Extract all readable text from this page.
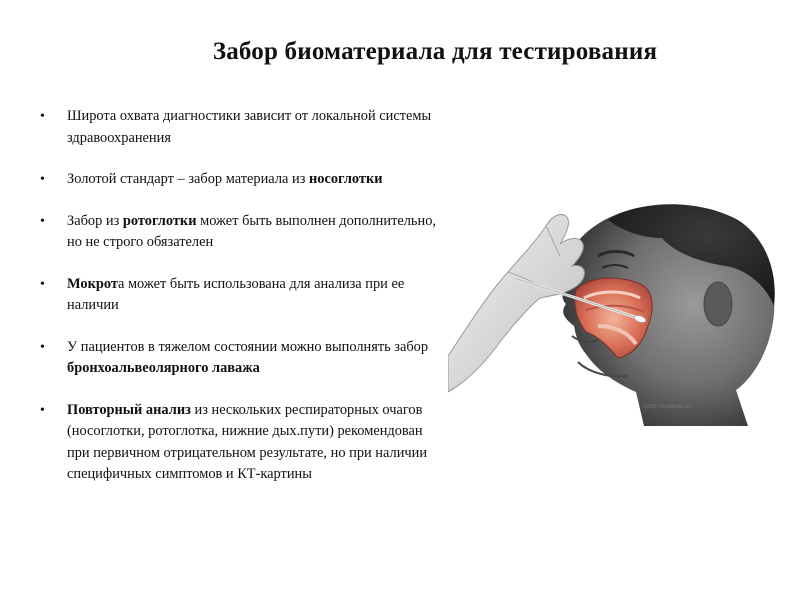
Забор биоматериала для тестирования
• Широта охвата диагностики зависит от локальной системы здравоохранения
• Золотой стандарт – забор материала из носоглотки
• Забор из ротоглотки может быть выполнен дополнительно, но не строго обязателен
• Мокрота может быть использована для анализа при ее наличии
• У пациентов в тяжелом состоянии можно выполнять забор бронхоальвеолярного лаважа
• Повторный анализ из нескольких респираторных очагов (носоглотки, ротоглотка, нижние дых.пути) рекомендован при первичном отрицательном результате, но при наличии специфичных симптомов и КТ-картины
©2020 MedMedia, Inc
